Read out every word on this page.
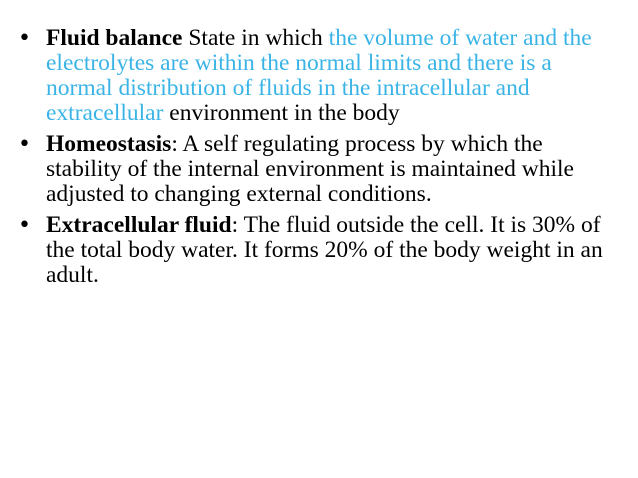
• Fluid balance State in which the volume of water and the electrolytes are within the normal limits and there is a normal distribution of fluids in the intracellular and extracellular environment in the body
• Homeostasis: A self regulating process by which the stability of the internal environment is maintained while adjusted to changing external conditions.
• Extracellular fluid: The fluid outside the cell. It is 30% of the total body water. It forms 20% of the body weight in an adult.
